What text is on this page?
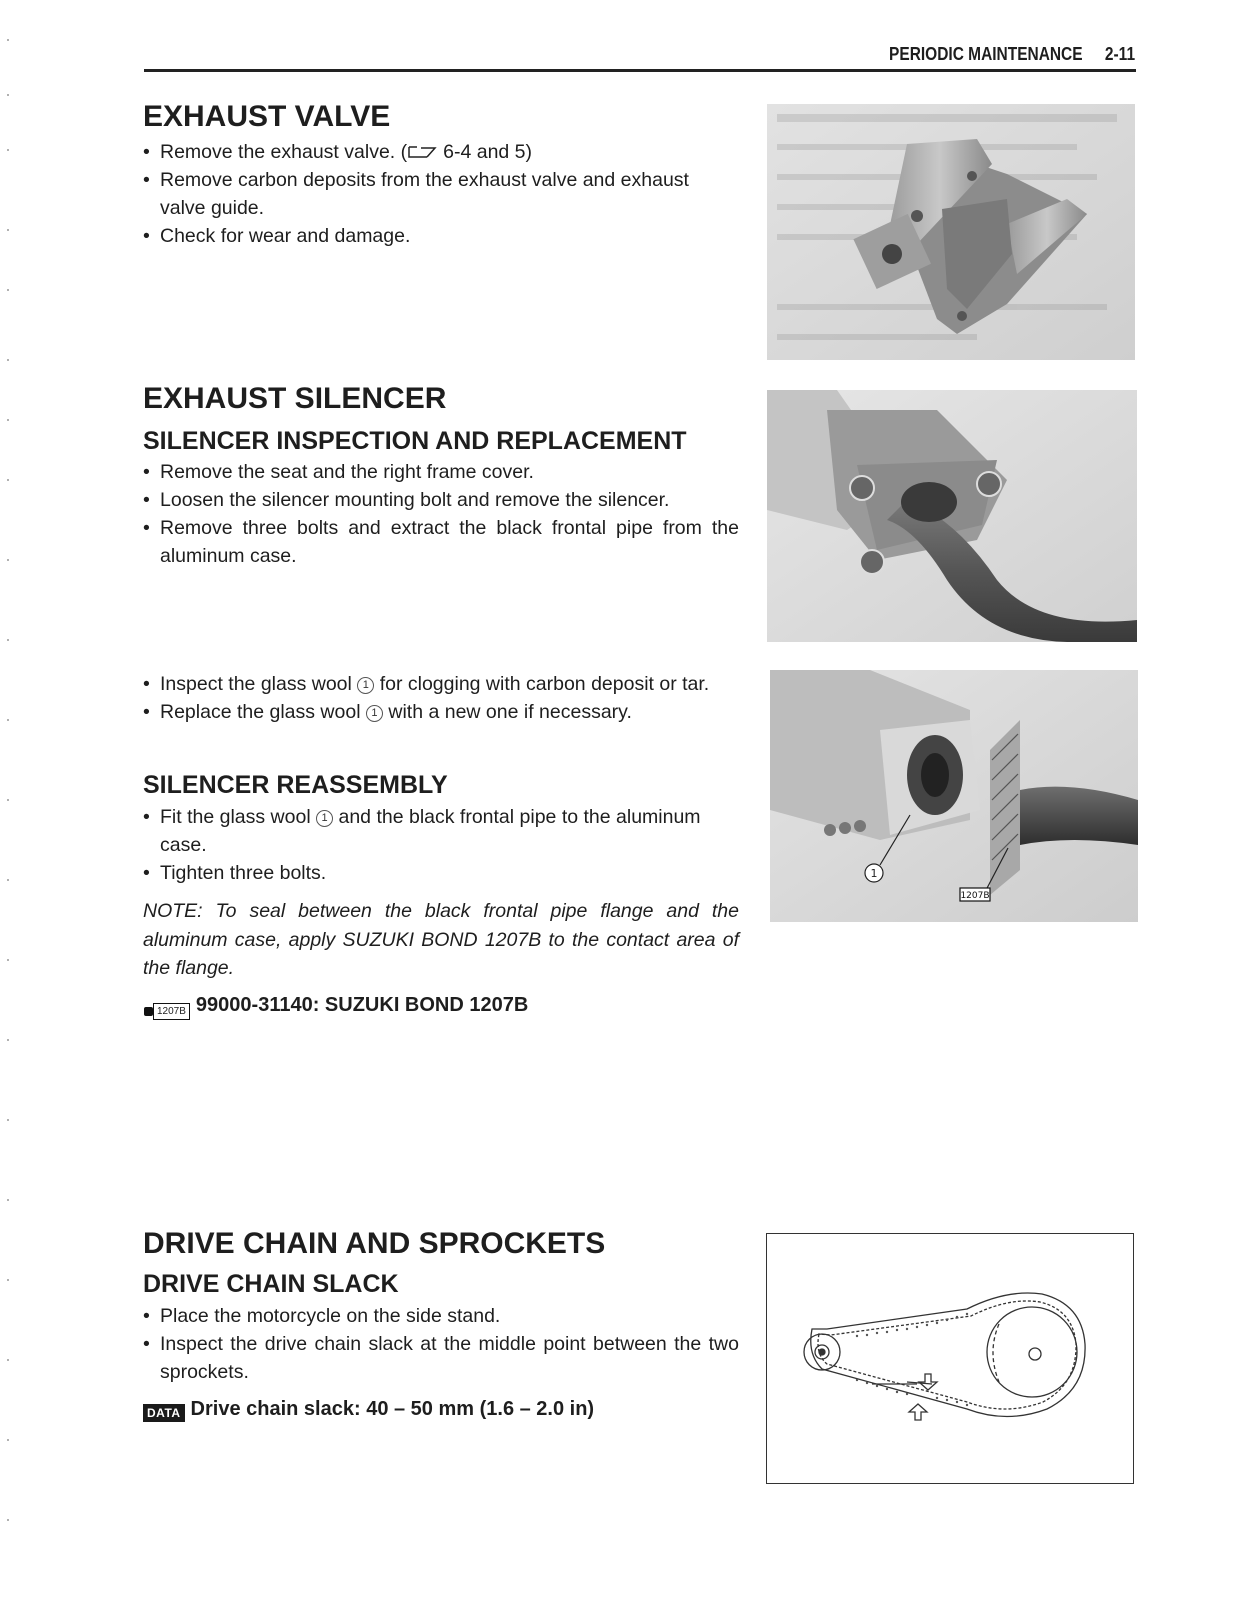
PERIODIC MAINTENANCE 2-11
EXHAUST VALVE
• Remove the exhaust valve. ( 6-4 and 5)
• Remove carbon deposits from the exhaust valve and exhaust valve guide.
• Check for wear and damage.
EXHAUST SILENCER
SILENCER INSPECTION AND REPLACEMENT
• Remove the seat and the right frame cover.
• Loosen the silencer mounting bolt and remove the silencer.
• Remove three bolts and extract the black frontal pipe from the aluminum case.
• Inspect the glass wool 1 for clogging with carbon deposit or tar.
• Replace the glass wool 1 with a new one if necessary.
SILENCER REASSEMBLY
• Fit the glass wool 1 and the black frontal pipe to the aluminum case.
• Tighten three bolts.

NOTE: To seal between the black frontal pipe flange and the aluminum case, apply SUZUKI BOND 1207B to the contact area of the flange.

1207B 99000-31140: SUZUKI BOND 1207B
1
1207B
DRIVE CHAIN AND SPROCKETS
DRIVE CHAIN SLACK
• Place the motorcycle on the side stand.
• Inspect the drive chain slack at the middle point between the two sprockets.
DATA Drive chain slack: 40 – 50 mm (1.6 – 2.0 in)
